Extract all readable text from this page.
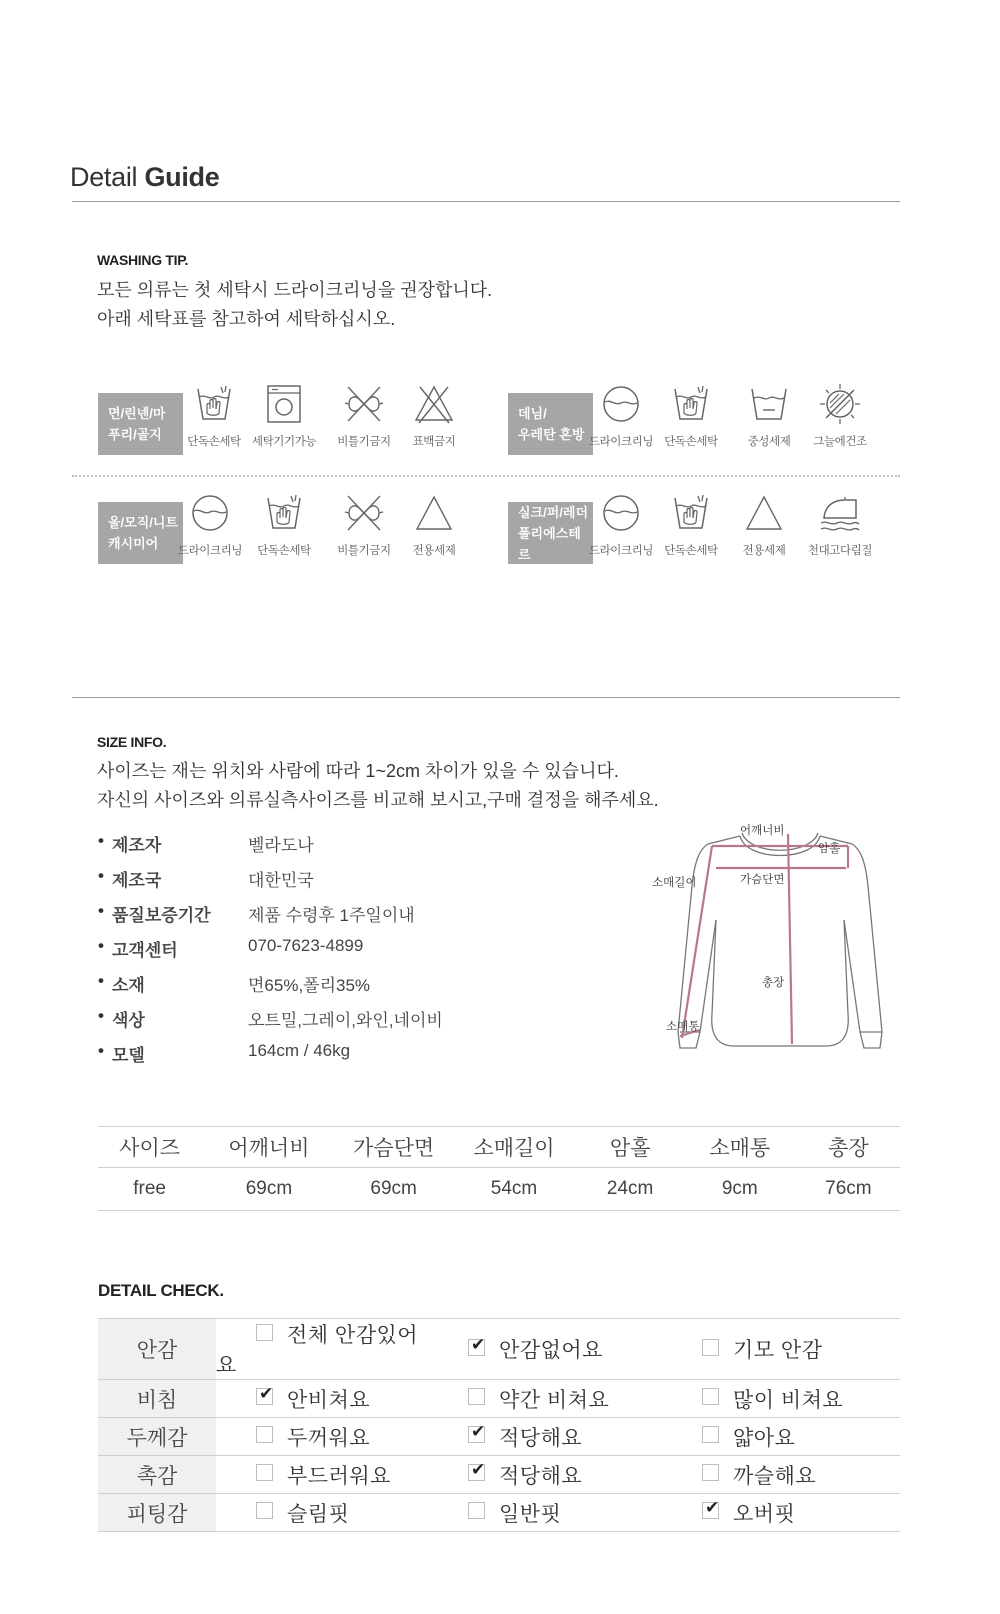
Detail Guide
WASHING TIP.
모든 의류는 첫 세탁시 드라이크리닝을 권장합니다.
아래 세탁표를 참고하여 세탁하십시오.
면/린넨/마
푸리/골지	단독손세탁 세탁기기가능 비틀기금지 표백금지
데님/
우레탄 혼방 드라이크리닝 단독손세탁	중성세제 그늘에건조
울/모직/니트
캐시미어	드라이크리닝 단독손세탁 비틀기금지 전용세제
실크/퍼/레더
폴리에스테르	드라이크리닝 단독손세탁 전용세제 천대고다림질
SIZE INFO.
사이즈는 재는 위치와 사람에 따라 1~2cm 차이가 있을 수 있습니다.
자신의 사이즈와 의류실측사이즈를 비교해 보시고,구매 결정을 해주세요.
• 제조자	벨라도나
• 제조국	대한민국
• 품질보증기간 제품 수령후 1주일이내
• 고객센터	070-7623-4899
• 소재	면65%,폴리35%
• 색상	오트밀,그레이,와인,네이비
• 모델	164cm / 46kg
어깨너비
암홀
소매길이	가슴단면
총장
소매통
사이즈	어깨너비	가슴단면	소매길이	암홀	소매통	총장
free	69cm	69cm	54cm	24cm	9cm	76cm
DETAIL CHECK.
안감	전체 안감있어요	✔안감없어요	기모 안감
비침	✔안비쳐요	약간 비쳐요	많이 비쳐요
두께감	두꺼워요	✔적당해요	얇아요
촉감	부드러워요	✔적당해요	까슬해요
피팅감	슬림핏	일반핏	✔오버핏
